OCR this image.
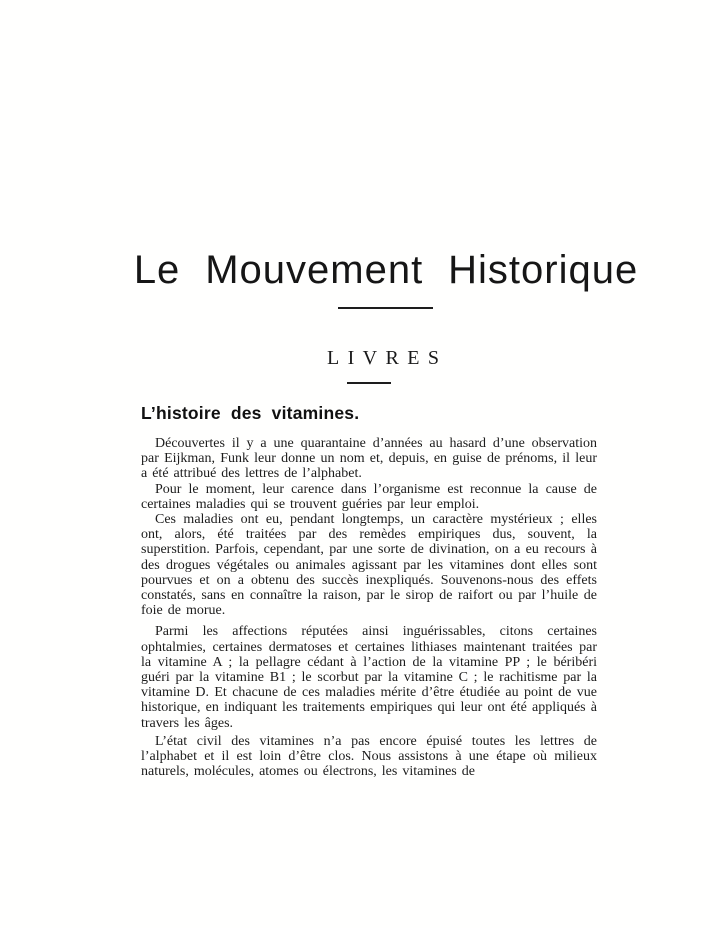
Le Mouvement Historique
LIVRES
L’histoire des vitamines.

Découvertes il y a une quarantaine d’années au hasard d’une observation par Eijkman, Funk leur donne un nom et, depuis, en guise de prénoms, il leur a été attribué des lettres de l’alphabet.

Pour le moment, leur carence dans l’organisme est reconnue la cause de certaines maladies qui se trouvent guéries par leur emploi.

Ces maladies ont eu, pendant longtemps, un caractère mystérieux ; elles ont, alors, été traitées par des remèdes empiriques dus, souvent, la superstition. Parfois, cependant, par une sorte de divination, on a eu recours à des drogues végétales ou animales agissant par les vitamines dont elles sont pourvues et on a obtenu des succès inexpliqués. Souvenons-nous des effets constatés, sans en connaître la raison, par le sirop de raifort ou par l’huile de foie de morue.

Parmi les affections réputées ainsi inguérissables, citons certaines ophtalmies, certaines dermatoses et certaines lithiases maintenant traitées par la vitamine A ; la pellagre cédant à l’action de la vitamine PP ; le béribéri guéri par la vitamine B1 ; le scorbut par la vitamine C ; le rachitisme par la vitamine D. Et chacune de ces maladies mérite d’être étudiée au point de vue historique, en indiquant les traitements empiriques qui leur ont été appliqués à travers les âges.

L’état civil des vitamines n’a pas encore épuisé toutes les lettres de l’alphabet et il est loin d’être clos. Nous assistons à une étape où milieux naturels, molécules, atomes ou électrons, les vitamines de
